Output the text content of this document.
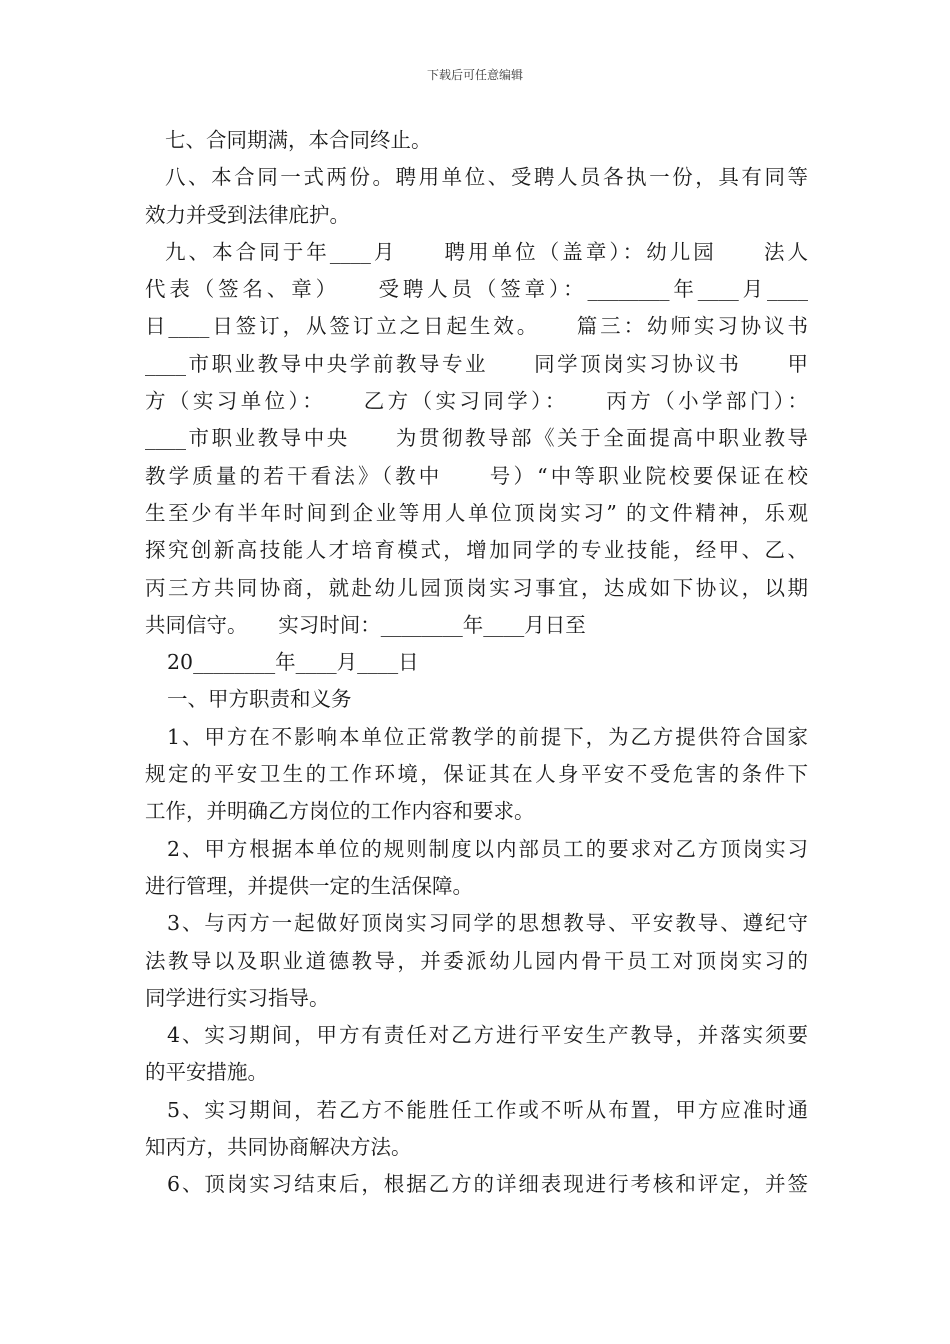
下载后可任意编辑
七、合同期满，本合同终止。
八、本合同一式两份。聘用单位、受聘人员各执一份，具有同等
效力并受到法律庇护。
九、本合同于年____月　　聘用单位（盖章）：幼儿园　　法人
代表（签名、章）　　受聘人员（签章）：________年____月____
日____日签订，从签订立之日起生效。　　篇三：幼师实习协议书
____市职业教导中央学前教导专业　　同学顶岗实习协议书　　甲
方（实习单位）：　　乙方（实习同学）：　　丙方（小学部门）：
____市职业教导中央　　为贯彻教导部《关于全面提高中职业教导
教学质量的若干看法》（教中　　号）“中等职业院校要保证在校
生至少有半年时间到企业等用人单位顶岗实习” 的文件精神，乐观
探究创新高技能人才培育模式，增加同学的专业技能，经甲、乙、
丙三方共同协商，就赴幼儿园顶岗实习事宜，达成如下协议，以期
共同信守。　　实习时间：________年____月日至
20________年____月____日
一、甲方职责和义务
1、甲方在不影响本单位正常教学的前提下，为乙方提供符合国家
规定的平安卫生的工作环境，保证其在人身平安不受危害的条件下
工作，并明确乙方岗位的工作内容和要求。
2、甲方根据本单位的规则制度以内部员工的要求对乙方顶岗实习
进行管理，并提供一定的生活保障。
3、与丙方一起做好顶岗实习同学的思想教导、平安教导、遵纪守
法教导以及职业道德教导，并委派幼儿园内骨干员工对顶岗实习的
同学进行实习指导。
4、实习期间，甲方有责任对乙方进行平安生产教导，并落实须要
的平安措施。
5、实习期间，若乙方不能胜任工作或不听从布置，甲方应准时通
知丙方，共同协商解决方法。
6、顶岗实习结束后，根据乙方的详细表现进行考核和评定，并签
